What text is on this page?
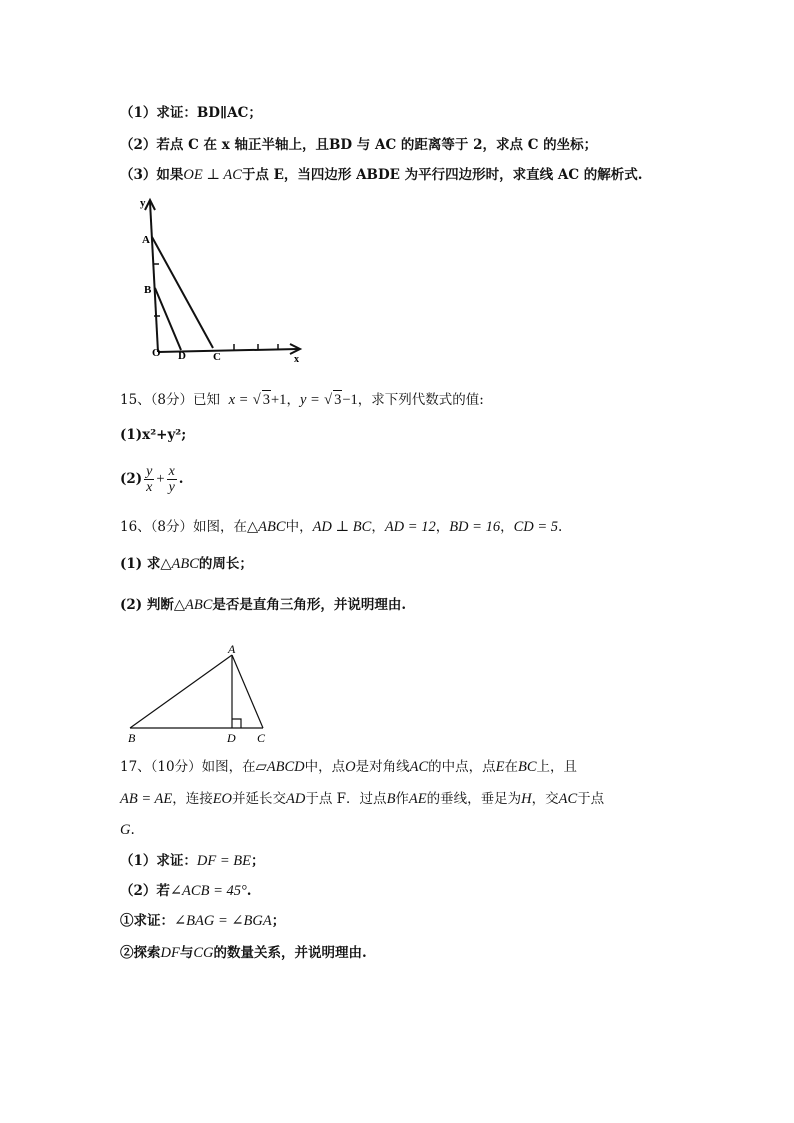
（1）求证：BD∥AC；
（2）若点 C 在 x 轴正半轴上，且BD 与 AC 的距离等于 2，求点 C 的坐标；
（3）如果OE ⊥ AC于点 E，当四边形 ABDE 为平行四边形时，求直线 AC 的解析式.
y
x
A
B
O D C
15、（8分）已知 x = √ 3+1，y = √ 3−1，求下列代数式的值:
(1)x²+y²;
$(2) \frac{y}{x} + \frac{x}{y}$ .
16、（8分）如图，在△ABC中，AD ⊥ BC，AD = 12，BD = 16，CD = 5.
(1) 求△ABC的周长；
(2) 判断△ABC是否是直角三角形，并说明理由.
A
B	D C
17、（10分）如图，在▱ABCD中，点O是对角线AC的中点，点E在BC上，且
AB = AE，连接EO并延长交AD于点 F．过点B作AE的垂线，垂足为H，交AC于点
G.
（1）求证：DF = BE；
（2）若∠ACB = 45°.
①求证：∠BAG = ∠BGA；
②探索DF与CG的数量关系，并说明理由.
